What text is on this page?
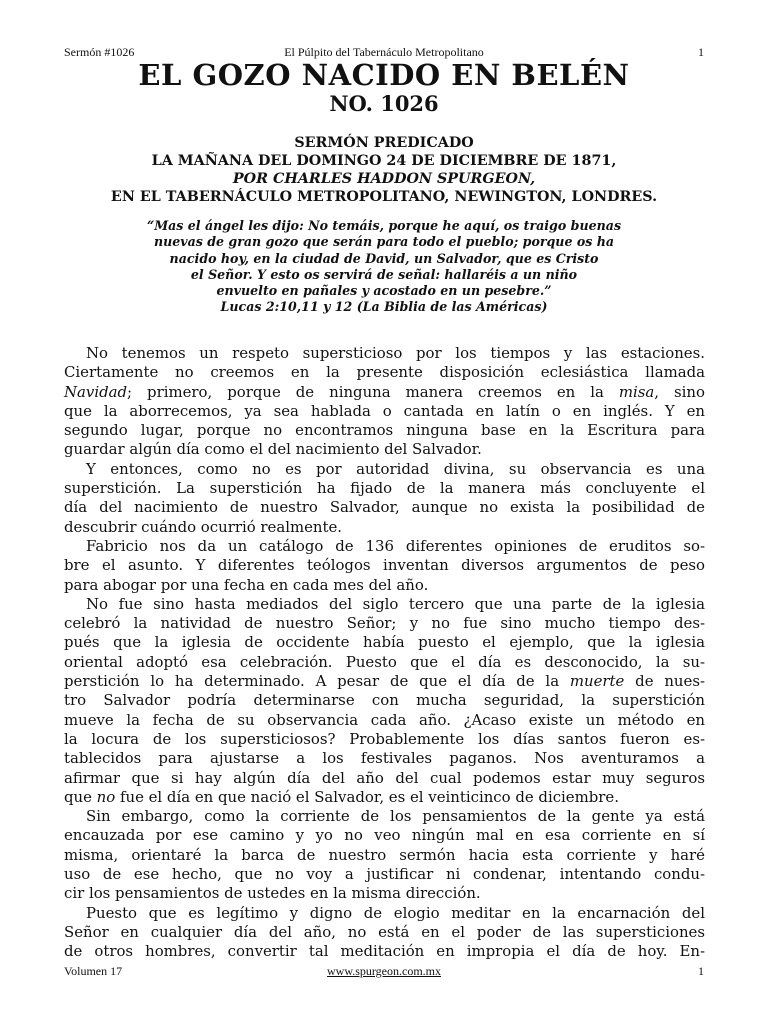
Sermón #1026	El Púlpito del Tabernáculo Metropolitano	1
EL GOZO NACIDO EN BELÉN
NO. 1026
SERMÓN PREDICADO
LA MAÑANA DEL DOMINGO 24 DE DICIEMBRE DE 1871,
POR CHARLES HADDON SPURGEON,
EN EL TABERNÁCULO METROPOLITANO, NEWINGTON, LONDRES.
“Mas el ángel les dijo: No temáis, porque he aquí, os traigo buenas
nuevas de gran gozo que serán para todo el pueblo; porque os ha
nacido hoy, en la ciudad de David, un Salvador, que es Cristo
el Señor. Y esto os servirá de señal: hallaréis a un niño
envuelto en pañales y acostado en un pesebre.”
Lucas 2:10,11 y 12 (La Biblia de las Américas)
No tenemos un respeto supersticioso por los tiempos y las estaciones.
Ciertamente no creemos en la presente disposición eclesiástica llamada
Navidad; primero, porque de ninguna manera creemos en la misa, sino
que la aborrecemos, ya sea hablada o cantada en latín o en inglés. Y en
segundo lugar, porque no encontramos ninguna base en la Escritura para
guardar algún día como el del nacimiento del Salvador.
Y entonces, como no es por autoridad divina, su observancia es una
superstición. La superstición ha fijado de la manera más concluyente el
día del nacimiento de nuestro Salvador, aunque no exista la posibilidad de
descubrir cuándo ocurrió realmente.
Fabricio nos da un catálogo de 136 diferentes opiniones de eruditos so-
bre el asunto. Y diferentes teólogos inventan diversos argumentos de peso
para abogar por una fecha en cada mes del año.
No fue sino hasta mediados del siglo tercero que una parte de la iglesia
celebró la natividad de nuestro Señor; y no fue sino mucho tiempo des-
pués que la iglesia de occidente había puesto el ejemplo, que la iglesia
oriental adoptó esa celebración. Puesto que el día es desconocido, la su-
perstición lo ha determinado. A pesar de que el día de la muerte de nues-
tro Salvador podría determinarse con mucha seguridad, la superstición
mueve la fecha de su observancia cada año. ¿Acaso existe un método en
la locura de los supersticiosos? Probablemente los días santos fueron es-
tablecidos para ajustarse a los festivales paganos. Nos aventuramos a
afirmar que si hay algún día del año del cual podemos estar muy seguros
que no fue el día en que nació el Salvador, es el veinticinco de diciembre.
Sin embargo, como la corriente de los pensamientos de la gente ya está
encauzada por ese camino y yo no veo ningún mal en esa corriente en sí
misma, orientaré la barca de nuestro sermón hacia esta corriente y haré
uso de ese hecho, que no voy a justificar ni condenar, intentando condu-
cir los pensamientos de ustedes en la misma dirección.
Puesto que es legítimo y digno de elogio meditar en la encarnación del
Señor en cualquier día del año, no está en el poder de las supersticiones
de otros hombres, convertir tal meditación en impropia el día de hoy. En-
Volumen 17	www.spurgeon.com.mx	1
